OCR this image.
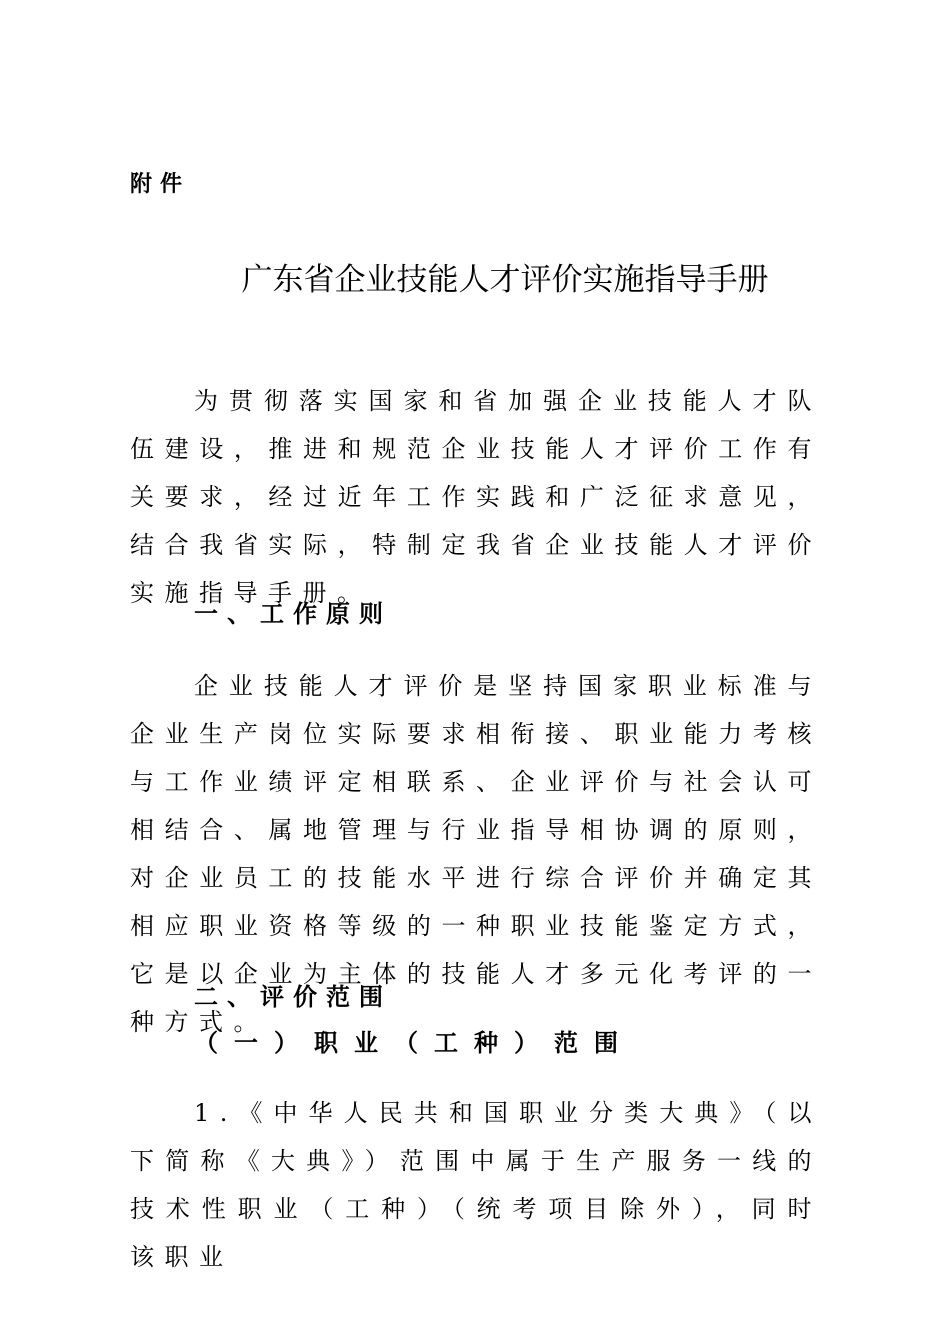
附件
广东省企业技能人才评价实施指导手册

为贯彻落实国家和省加强企业技能人才队伍建设，推进和规范企业技能人才评价工作有关要求，经过近年工作实践和广泛征求意见，结合我省实际，特制定我省企业技能人才评价实施指导手册。

一、工作原则

企业技能人才评价是坚持国家职业标准与企业生产岗位实际要求相衔接、职业能力考核与工作业绩评定相联系、企业评价与社会认可相结合、属地管理与行业指导相协调的原则，对企业员工的技能水平进行综合评价并确定其相应职业资格等级的一种职业技能鉴定方式，它是以企业为主体的技能人才多元化考评的一种方式。

二、评价范围
（一）职业（工种）范围

1.《中华人民共和国职业分类大典》（以下简称《大典》）范围中属于生产服务一线的技术性职业（工种）（统考项目除外），同时该职业
